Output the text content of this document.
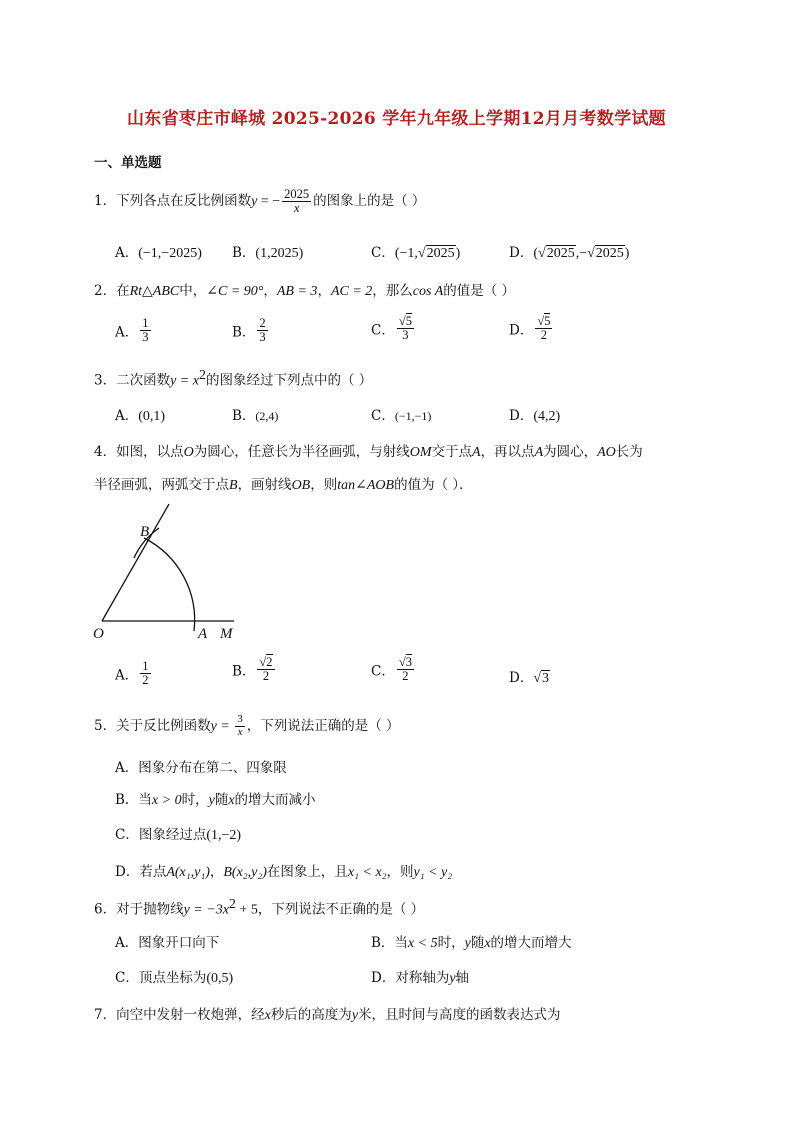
山东省枣庄市峄城 2025-2026 学年九年级上学期12月月考数学试题
一、单选题
1．下列各点在反比例函数y = − $\frac{2025}{x}$ 的图象上的是（ ）
A．(−1,−2025) B．(1,2025)	C．(−1,√2025)	D．(√2025,−√2025)
2．在Rt△ABC中，∠C = 90°，AB = 3，AC = 2，那么cos A的值是（ ）
A． $\frac{1}{3}$	B． $\frac{2}{3}$	C． $\frac{√5}{3}$	D． $\frac{√5}{2}$
3．二次函数$y = x^2$的图象经过下列点中的（ ）
A．(0,1)	B．(2,4)	C．(−1,−1)	D．(4,2)
4．如图，以点O为圆心，任意长为半径画弧，与射线OM交于点A，再以点A为圆心，AO长为
半径画弧，两弧交于点B，画射线OB，则tan∠AOB的值为（ ）．
B
O	A M
A． $\frac{1}{2}$	B． $\frac{√2}{2}$	C． $\frac{√3}{2}$	D．√3
5．关于反比例函数$y = \frac{3}{x}$ ，下列说法正确的是（ ）
A．图象分布在第二、四象限
B．当x > 0时，y随x的增大而减小
C．图象经过点(1,−2)
D．若点A(x₁,y₁)，B(x₂,y₂)在图象上，且x₁ < x₂，则y₁ < y₂
6．对于抛物线$y = -3x^2 + 5$，下列说法不正确的是（ ）
A．图象开口向下	B．当x < 5时，y随x的增大而增大
C．顶点坐标为(0,5)	D．对称轴为y轴
7．向空中发射一枚炮弹，经x秒后的高度为y米，且时间与高度的函数表达式为
